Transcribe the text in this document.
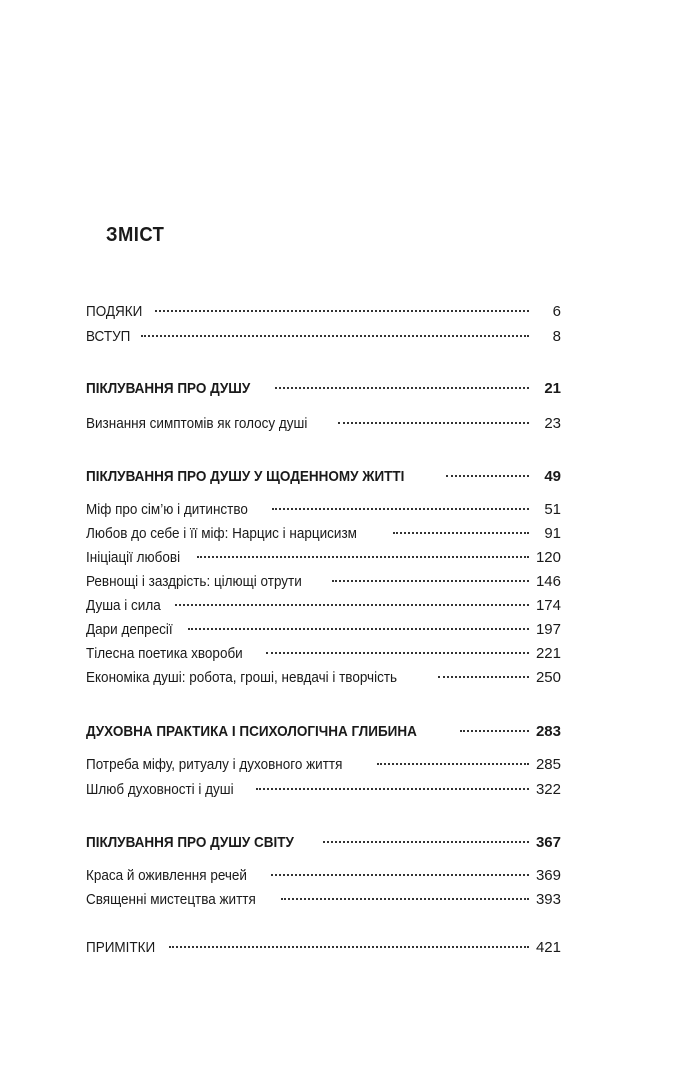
ЗМІСТ
ПОДЯКИ	6
ВСТУП	8
ПІКЛУВАННЯ ПРО ДУШУ	21
Визнання симптомів як голосу душі	23
ПІКЛУВАННЯ ПРО ДУШУ У ЩОДЕННОМУ ЖИТТІ	49
Міф про сім’ю і дитинство	51
Любов до себе і її міф: Нарцис і нарцисизм	91
Ініціації любові	120
Ревнощі і заздрість: цілющі отрути	146
Душа і сила	174
Дари депресії	197
Тілесна поетика хвороби	221
Економіка душі: робота, гроші, невдачі і творчість	250
ДУХОВНА ПРАКТИКА І ПСИХОЛОГІЧНА ГЛИБИНА	283
Потреба міфу, ритуалу і духовного життя	285
Шлюб духовності і душі	322
ПІКЛУВАННЯ ПРО ДУШУ СВІТУ	367
Краса й оживлення речей	369
Священні мистецтва життя	393
ПРИМІТКИ	421
